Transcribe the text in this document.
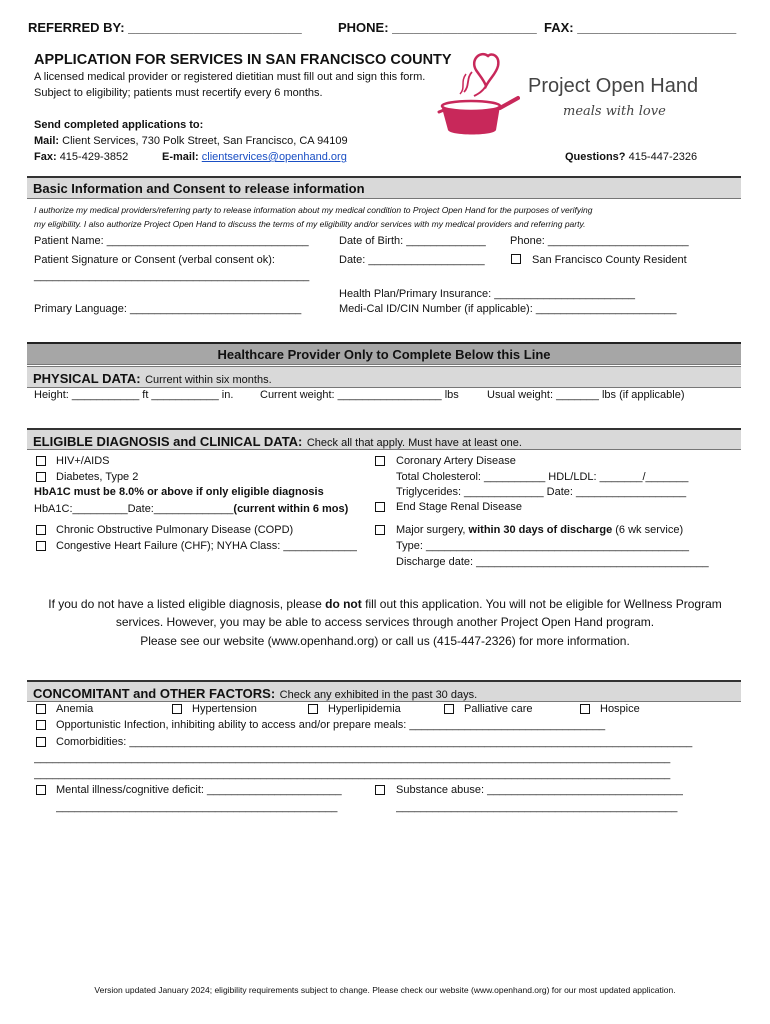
REFERRED BY: ________________________	PHONE: ____________________ FAX: ______________________
APPLICATION FOR SERVICES IN SAN FRANCISCO COUNTY
A licensed medical provider or registered dietitian must fill out and sign this form.
Subject to eligibility; patients must recertify every 6 months.	Project Open Hand
meals with love
Send completed applications to:
Mail: Client Services, 730 Polk Street, San Francisco, CA 94109
Fax: 415-429-3852	E-mail: clientservices@openhand.org	Questions? 415-447-2326
Basic Information and Consent to release information
I authorize my medical providers/referring party to release information about my medical condition to Project Open Hand for the purposes of verifying
my eligibility. I also authorize Project Open Hand to discuss the terms of my eligibility and/or services with my medical providers and referring party.
Patient Name: _________________________________	Date of Birth: _____________ Phone: _______________________
Patient Signature or Consent (verbal consent ok):	Date: ___________________	San Francisco County Resident
_____________________________________________
Health Plan/Primary Insurance: _______________________
Primary Language: ____________________________	Medi-Cal ID/CIN Number (if applicable): _______________________
Healthcare Provider Only to Complete Below this Line
PHYSICAL DATA: Current within six months.
Height: ___________ ft ___________ in. Current weight: _________________ lbs	Usual weight: _______ lbs (if applicable)
ELIGIBLE DIAGNOSIS and CLINICAL DATA: Check all that apply. Must have at least one.
HIV+/AIDS
Diabetes, Type 2
HbA1C must be 8.0% or above if only eligible diagnosis
HbA1C:_________Date:_____________(current within 6 mos)
Chronic Obstructive Pulmonary Disease (COPD)
Congestive Heart Failure (CHF); NYHA Class: ____________
Coronary Artery Disease
Total Cholesterol: __________ HDL/LDL: _______/_______
Triglycerides: _____________ Date: __________________
End Stage Renal Disease
Major surgery, within 30 days of discharge (6 wk service)
Type: ___________________________________________
Discharge date: ______________________________________
If you do not have a listed eligible diagnosis, please do not fill out this application. You will not be eligible for Wellness Program
services. However, you may be able to access services through another Project Open Hand program.
Please see our website (www.openhand.org) or call us (415-447-2326) for more information.
CONCOMITANT and OTHER FACTORS: Check any exhibited in the past 30 days.
Anemia	Hypertension	Hyperlipidemia	Palliative care	Hospice
Opportunistic Infection, inhibiting ability to access and/or prepare meals: ________________________________
Comorbidities: ____________________________________________________________________________________________
________________________________________________________________________________________________________
________________________________________________________________________________________________________
Mental illness/cognitive deficit: ______________________
______________________________________________
Substance abuse: ________________________________
______________________________________________
Version updated January 2024; eligibility requirements subject to change. Please check our website (www.openhand.org) for our most updated application.
